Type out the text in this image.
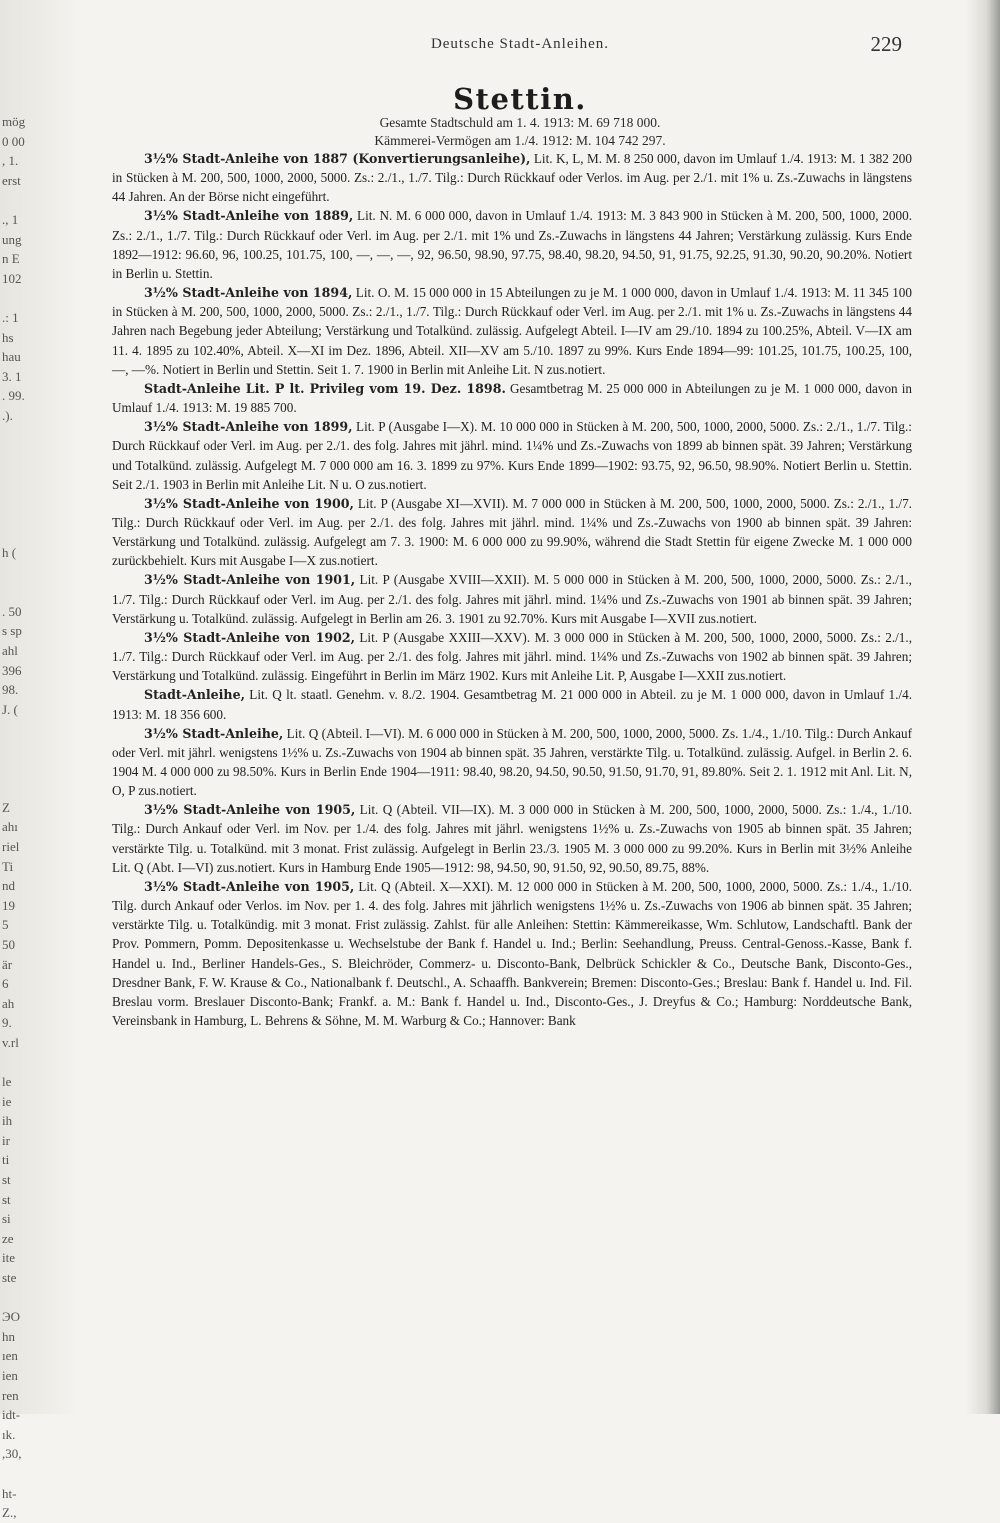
mög
0 00
, 1.
erst
., 1
ung
n E
102
.: 1
hs
hau
3. 1
. 99.
.).
h (
. 50
s sp
ahl
396
98.
J. (
Z
ahı
riel
Ti
nd
19
5
50
är
6
ah
9.
v.rl
le
ie
ih
ir
ti
st
st
si
ze
ite
ste
ЭO
hn
ıen
ien
ren
idt-
ık.
,30,
ht-
Z.,
Deutsche Stadt-Anleihen.	229
Stettin.
Gesamte Stadtschuld am 1. 4. 1913: M. 69 718 000.
Kämmerei-Vermögen am 1./4. 1912: M. 104 742 297.

3½% Stadt-Anleihe von 1887 (Konvertierungsanleihe), Lit. K, L, M. M. 8 250 000, davon im Umlauf 1./4. 1913: M. 1 382 200 in Stücken à M. 200, 500, 1000, 2000, 5000. Zs.: 2./1., 1./7. Tilg.: Durch Rückkauf oder Verlos. im Aug. per 2./1. mit 1% u. Zs.-Zuwachs in längstens 44 Jahren. An der Börse nicht eingeführt.

3½% Stadt-Anleihe von 1889, Lit. N. M. 6 000 000, davon in Umlauf 1./4. 1913: M. 3 843 900 in Stücken à M. 200, 500, 1000, 2000. Zs.: 2./1., 1./7. Tilg.: Durch Rückkauf oder Verl. im Aug. per 2./1. mit 1% und Zs.-Zuwachs in längstens 44 Jahren; Verstärkung zulässig. Kurs Ende 1892—1912: 96.60, 96, 100.25, 101.75, 100, —, —, —, 92, 96.50, 98.90, 97.75, 98.40, 98.20, 94.50, 91, 91.75, 92.25, 91.30, 90.20, 90.20%. Notiert in Berlin u. Stettin.

3½% Stadt-Anleihe von 1894, Lit. O. M. 15 000 000 in 15 Abteilungen zu je M. 1 000 000, davon in Umlauf 1./4. 1913: M. 11 345 100 in Stücken à M. 200, 500, 1000, 2000, 5000. Zs.: 2./1., 1./7. Tilg.: Durch Rückkauf oder Verl. im Aug. per 2./1. mit 1% u. Zs.-Zuwachs in längstens 44 Jahren nach Begebung jeder Abteilung; Verstärkung und Totalkünd. zulässig. Aufgelegt Abteil. I—IV am 29./10. 1894 zu 100.25%, Abteil. V—IX am 11. 4. 1895 zu 102.40%, Abteil. X—XI im Dez. 1896, Abteil. XII—XV am 5./10. 1897 zu 99%. Kurs Ende 1894—99: 101.25, 101.75, 100.25, 100, —, —%. Notiert in Berlin und Stettin. Seit 1. 7. 1900 in Berlin mit Anleihe Lit. N zus.notiert.

Stadt-Anleihe Lit. P lt. Privileg vom 19. Dez. 1898. Gesamtbetrag M. 25 000 000 in Abteilungen zu je M. 1 000 000, davon in Umlauf 1./4. 1913: M. 19 885 700.

3½% Stadt-Anleihe von 1899, Lit. P (Ausgabe I—X). M. 10 000 000 in Stücken à M. 200, 500, 1000, 2000, 5000. Zs.: 2./1., 1./7. Tilg.: Durch Rückkauf oder Verl. im Aug. per 2./1. des folg. Jahres mit jährl. mind. 1¼% und Zs.-Zuwachs von 1899 ab binnen spät. 39 Jahren; Verstärkung und Totalkünd. zulässig. Aufgelegt M. 7 000 000 am 16. 3. 1899 zu 97%. Kurs Ende 1899—1902: 93.75, 92, 96.50, 98.90%. Notiert Berlin u. Stettin. Seit 2./1. 1903 in Berlin mit Anleihe Lit. N u. O zus.notiert.

3½% Stadt-Anleihe von 1900, Lit. P (Ausgabe XI—XVII). M. 7 000 000 in Stücken à M. 200, 500, 1000, 2000, 5000. Zs.: 2./1., 1./7. Tilg.: Durch Rückkauf oder Verl. im Aug. per 2./1. des folg. Jahres mit jährl. mind. 1¼% und Zs.-Zuwachs von 1900 ab binnen spät. 39 Jahren: Verstärkung und Totalkünd. zulässig. Aufgelegt am 7. 3. 1900: M. 6 000 000 zu 99.90%, während die Stadt Stettin für eigene Zwecke M. 1 000 000 zurückbehielt. Kurs mit Ausgabe I—X zus.notiert.

3½% Stadt-Anleihe von 1901, Lit. P (Ausgabe XVIII—XXII). M. 5 000 000 in Stücken à M. 200, 500, 1000, 2000, 5000. Zs.: 2./1., 1./7. Tilg.: Durch Rückkauf oder Verl. im Aug. per 2./1. des folg. Jahres mit jährl. mind. 1¼% und Zs.-Zuwachs von 1901 ab binnen spät. 39 Jahren; Verstärkung u. Totalkünd. zulässig. Aufgelegt in Berlin am 26. 3. 1901 zu 92.70%. Kurs mit Ausgabe I—XVII zus.notiert.

3½% Stadt-Anleihe von 1902, Lit. P (Ausgabe XXIII—XXV). M. 3 000 000 in Stücken à M. 200, 500, 1000, 2000, 5000. Zs.: 2./1., 1./7. Tilg.: Durch Rückkauf oder Verl. im Aug. per 2./1. des folg. Jahres mit jährl. mind. 1¼% und Zs.-Zuwachs von 1902 ab binnen spät. 39 Jahren; Verstärkung und Totalkünd. zulässig. Eingeführt in Berlin im März 1902. Kurs mit Anleihe Lit. P, Ausgabe I—XXII zus.notiert.

Stadt-Anleihe, Lit. Q lt. staatl. Genehm. v. 8./2. 1904. Gesamtbetrag M. 21 000 000 in Abteil. zu je M. 1 000 000, davon in Umlauf 1./4. 1913: M. 18 356 600.

3½% Stadt-Anleihe, Lit. Q (Abteil. I—VI). M. 6 000 000 in Stücken à M. 200, 500, 1000, 2000, 5000. Zs. 1./4., 1./10. Tilg.: Durch Ankauf oder Verl. mit jährl. wenigstens 1½% u. Zs.-Zuwachs von 1904 ab binnen spät. 35 Jahren, verstärkte Tilg. u. Totalkünd. zulässig. Aufgel. in Berlin 2. 6. 1904 M. 4 000 000 zu 98.50%. Kurs in Berlin Ende 1904—1911: 98.40, 98.20, 94.50, 90.50, 91.50, 91.70, 91, 89.80%. Seit 2. 1. 1912 mit Anl. Lit. N, O, P zus.notiert.

3½% Stadt-Anleihe von 1905, Lit. Q (Abteil. VII—IX). M. 3 000 000 in Stücken à M. 200, 500, 1000, 2000, 5000. Zs.: 1./4., 1./10. Tilg.: Durch Ankauf oder Verl. im Nov. per 1./4. des folg. Jahres mit jährl. wenigstens 1½% u. Zs.-Zuwachs von 1905 ab binnen spät. 35 Jahren; verstärkte Tilg. u. Totalkünd. mit 3 monat. Frist zulässig. Aufgelegt in Berlin 23./3. 1905 M. 3 000 000 zu 99.20%. Kurs in Berlin mit 3½% Anleihe Lit. Q (Abt. I—VI) zus.notiert. Kurs in Hamburg Ende 1905—1912: 98, 94.50, 90, 91.50, 92, 90.50, 89.75, 88%.

3½% Stadt-Anleihe von 1905, Lit. Q (Abteil. X—XXI). M. 12 000 000 in Stücken à M. 200, 500, 1000, 2000, 5000. Zs.: 1./4., 1./10. Tilg. durch Ankauf oder Verlos. im Nov. per 1. 4. des folg. Jahres mit jährlich wenigstens 1½% u. Zs.-Zuwachs von 1906 ab binnen spät. 35 Jahren; verstärkte Tilg. u. Totalkündig. mit 3 monat. Frist zulässig. Zahlst. für alle Anleihen: Stettin: Kämmereikasse, Wm. Schlutow, Landschaftl. Bank der Prov. Pommern, Pomm. Depositenkasse u. Wechselstube der Bank f. Handel u. Ind.; Berlin: Seehandlung, Preuss. Central-Genoss.-Kasse, Bank f. Handel u. Ind., Berliner Handels-Ges., S. Bleichröder, Commerz- u. Disconto-Bank, Delbrück Schickler & Co., Deutsche Bank, Disconto-Ges., Dresdner Bank, F. W. Krause & Co., Nationalbank f. Deutschl., A. Schaaffh. Bankverein; Bremen: Disconto-Ges.; Breslau: Bank f. Handel u. Ind. Fil. Breslau vorm. Breslauer Disconto-Bank; Frankf. a. M.: Bank f. Handel u. Ind., Disconto-Ges., J. Dreyfus & Co.; Hamburg: Norddeutsche Bank, Vereinsbank in Hamburg, L. Behrens & Söhne, M. M. Warburg & Co.; Hannover: Bank
